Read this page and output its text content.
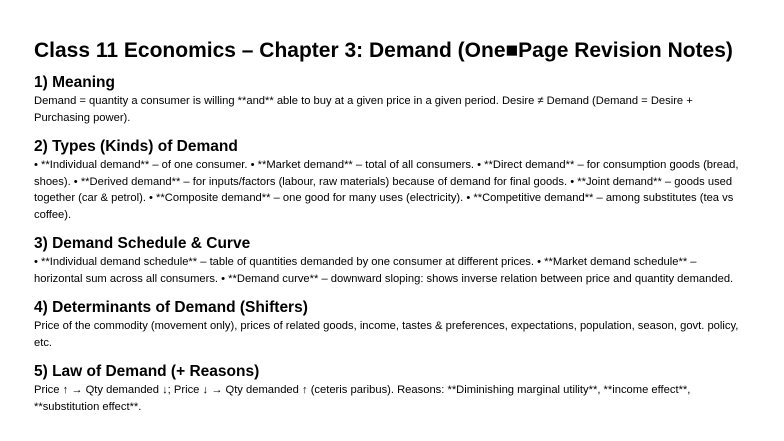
Class 11 Economics – Chapter 3: Demand (One■Page Revision Notes)
1) Meaning

Demand = quantity a consumer is willing **and** able to buy at a given price in a given period. Desire ≠ Demand (Demand = Desire + Purchasing power).

2) Types (Kinds) of Demand

• **Individual demand** – of one consumer. • **Market demand** – total of all consumers. • **Direct demand** – for consumption goods (bread, shoes). • **Derived demand** – for inputs/factors (labour, raw materials) because of demand for final goods. • **Joint demand** – goods used together (car & petrol). • **Composite demand** – one good for many uses (electricity). • **Competitive demand** – among substitutes (tea vs coffee).

3) Demand Schedule & Curve

• **Individual demand schedule** – table of quantities demanded by one consumer at different prices. • **Market demand schedule** – horizontal sum across all consumers. • **Demand curve** – downward sloping: shows inverse relation between price and quantity demanded.

4) Determinants of Demand (Shifters)

Price of the commodity (movement only), prices of related goods, income, tastes & preferences, expectations, population, season, govt. policy, etc.

5) Law of Demand (+ Reasons)

Price ↑ → Qty demanded ↓; Price ↓ → Qty demanded ↑ (ceteris paribus). Reasons: **Diminishing marginal utility**, **income effect**, **substitution effect**.
